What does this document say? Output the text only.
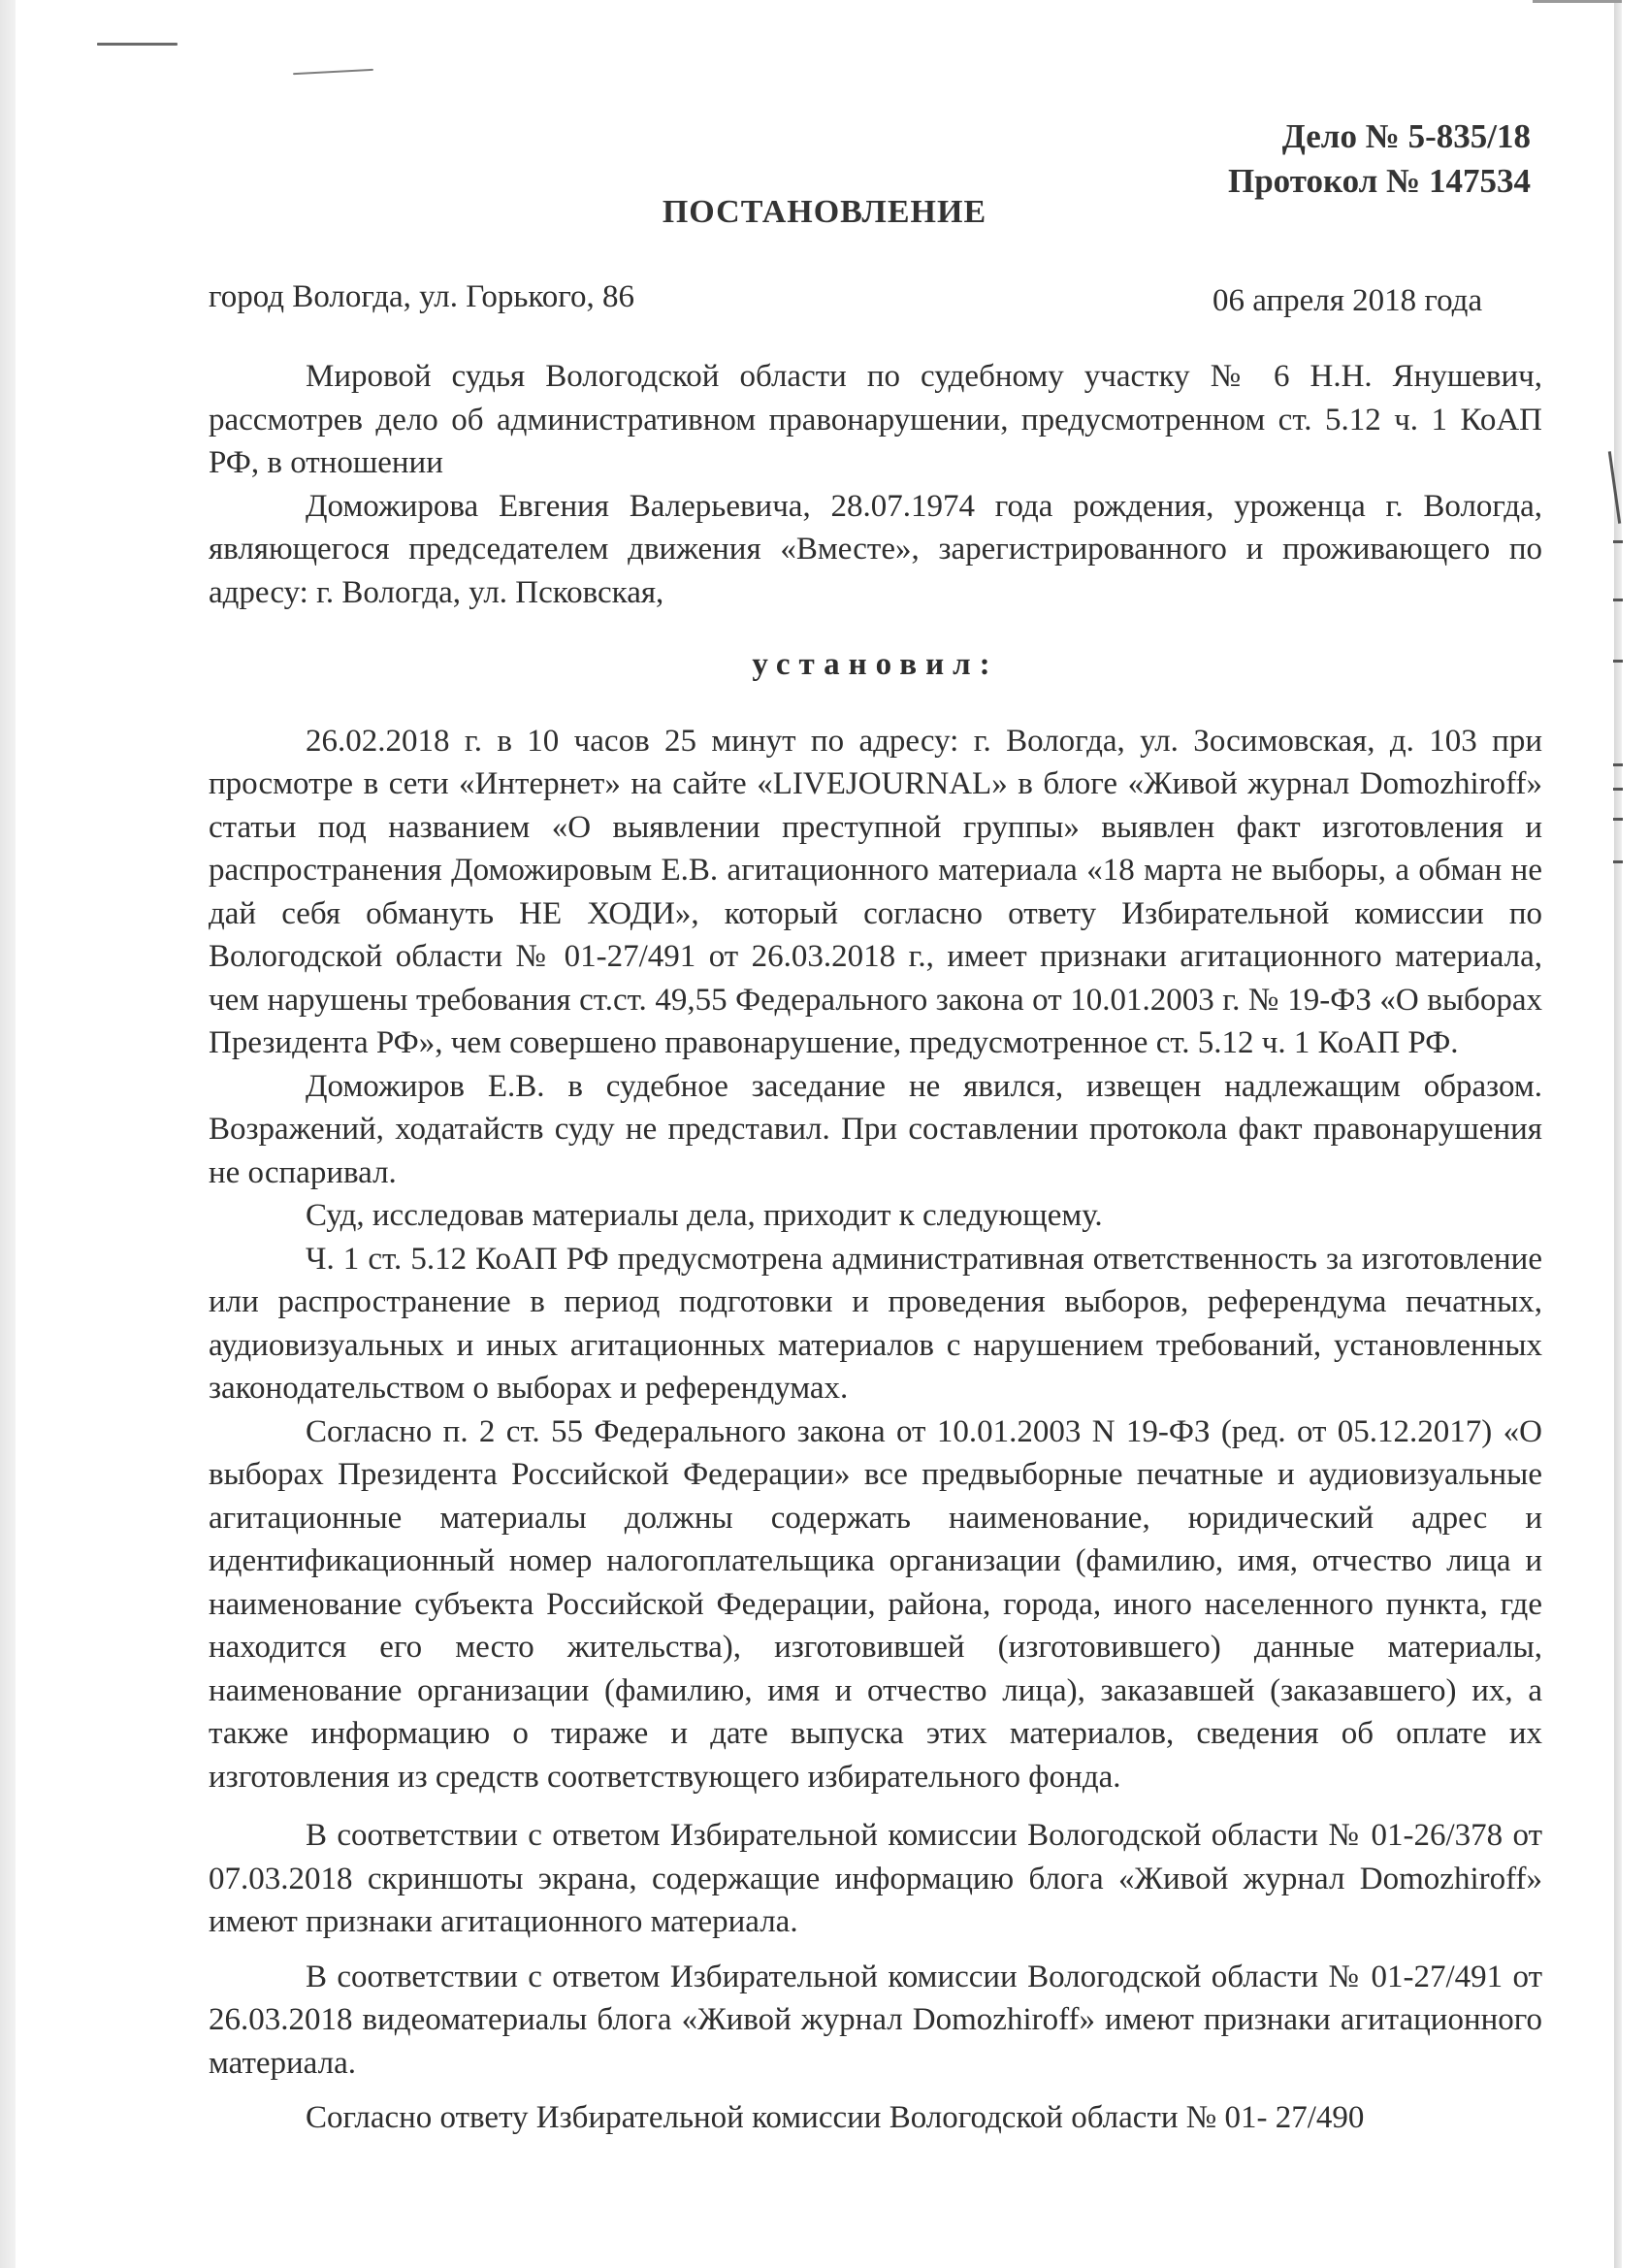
Дело № 5-835/18
Протокол № 147534
ПОСТАНОВЛЕНИЕ
город Вологда, ул. Горького, 86	06 апреля 2018 года

Мировой судья Вологодской области по судебному участку № 6 Н.Н. Янушевич, рассмотрев дело об административном правонарушении, предусмотренном ст. 5.12 ч. 1 КоАП РФ, в отношении

Доможирова Евгения Валерьевича, 28.07.1974 года рождения, уроженца г. Вологда, являющегося председателем движения «Вместе», зарегистрированного и проживающего по адресу: г. Вологда, ул. Псковская,

установил:

26.02.2018 г. в 10 часов 25 минут по адресу: г. Вологда, ул. Зосимовская, д. 103 при просмотре в сети «Интернет» на сайте «LIVEJOURNAL» в блоге «Живой журнал Domozhiroff» статьи под названием «О выявлении преступной группы» выявлен факт изготовления и распространения Доможировым Е.В. агитационного материала «18 марта не выборы, а обман не дай себя обмануть НЕ ХОДИ», который согласно ответу Избирательной комиссии по Вологодской области № 01-27/491 от 26.03.2018 г., имеет признаки агитационного материала, чем нарушены требования ст.ст. 49,55 Федерального закона от 10.01.2003 г. № 19-ФЗ «О выборах Президента РФ», чем совершено правонарушение, предусмотренное ст. 5.12 ч. 1 КоАП РФ.

Доможиров Е.В. в судебное заседание не явился, извещен надлежащим образом. Возражений, ходатайств суду не представил. При составлении протокола факт правонарушения не оспаривал.

Суд, исследовав материалы дела, приходит к следующему.

Ч. 1 ст. 5.12 КоАП РФ предусмотрена административная ответственность за изготовление или распространение в период подготовки и проведения выборов, референдума печатных, аудиовизуальных и иных агитационных материалов с нарушением требований, установленных законодательством о выборах и референдумах.

Согласно п. 2 ст. 55 Федерального закона от 10.01.2003 N 19-ФЗ (ред. от 05.12.2017) «О выборах Президента Российской Федерации» все предвыборные печатные и аудиовизуальные агитационные материалы должны содержать наименование, юридический адрес и идентификационный номер налогоплательщика организации (фамилию, имя, отчество лица и наименование субъекта Российской Федерации, района, города, иного населенного пункта, где находится его место жительства), изготовившей (изготовившего) данные материалы, наименование организации (фамилию, имя и отчество лица), заказавшей (заказавшего) их, а также информацию о тираже и дате выпуска этих материалов, сведения об оплате их изготовления из средств соответствующего избирательного фонда.

В соответствии с ответом Избирательной комиссии Вологодской области № 01-26/378 от 07.03.2018 скриншоты экрана, содержащие информацию блога «Живой журнал Domozhiroff» имеют признаки агитационного материала.

В соответствии с ответом Избирательной комиссии Вологодской области № 01-27/491 от 26.03.2018 видеоматериалы блога «Живой журнал Domozhiroff» имеют признаки агитационного материала.

Согласно ответу Избирательной комиссии Вологодской области № 01- 27/490
